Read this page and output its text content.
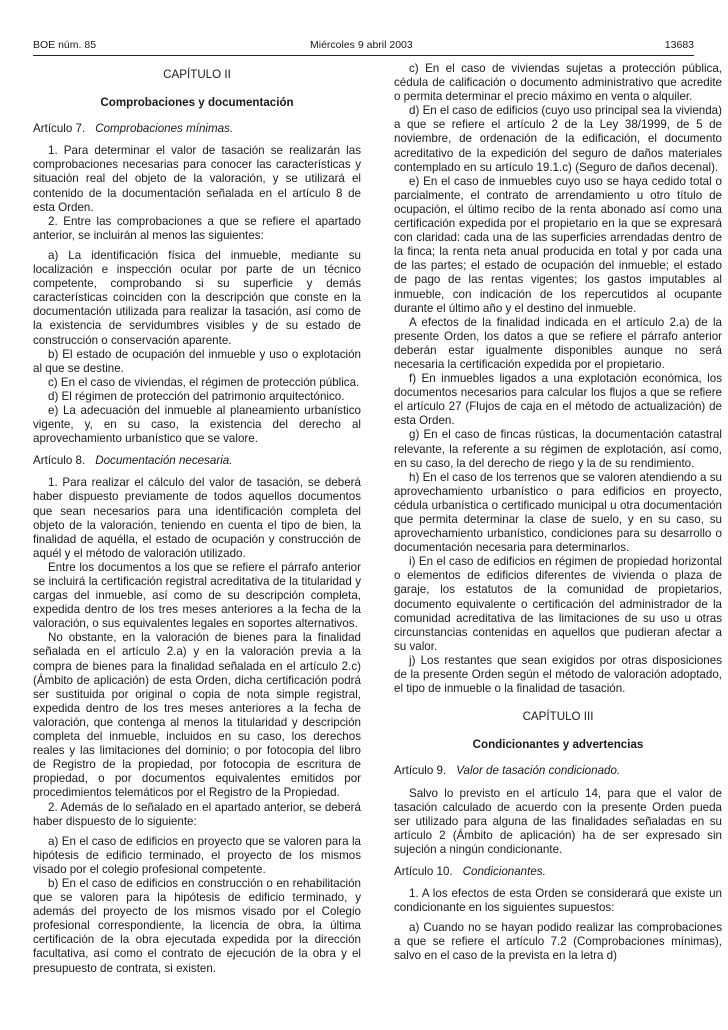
BOE núm. 85	Miércoles 9 abril 2003	13683
CAPÍTULO II
Comprobaciones y documentación
Artículo 7. Comprobaciones mínimas.

1. Para determinar el valor de tasación se realizarán las comprobaciones necesarias para conocer las características y situación real del objeto de la valoración, y se utilizará el contenido de la documentación señalada en el artículo 8 de esta Orden.

2. Entre las comprobaciones a que se refiere el apartado anterior, se incluirán al menos las siguientes:

a) La identificación física del inmueble, mediante su localización e inspección ocular por parte de un técnico competente, comprobando si su superficie y demás características coinciden con la descripción que conste en la documentación utilizada para realizar la tasación, así como de la existencia de servidumbres visibles y de su estado de construcción o conservación aparente.

b) El estado de ocupación del inmueble y uso o explotación al que se destine.

c) En el caso de viviendas, el régimen de protección pública.

d) El régimen de protección del patrimonio arquitectónico.

e) La adecuación del inmueble al planeamiento urbanístico vigente, y, en su caso, la existencia del derecho al aprovechamiento urbanístico que se valore.

Artículo 8. Documentación necesaria.

1. Para realizar el cálculo del valor de tasación, se deberá haber dispuesto previamente de todos aquellos documentos que sean necesarios para una identificación completa del objeto de la valoración, teniendo en cuenta el tipo de bien, la finalidad de aquélla, el estado de ocupación y construcción de aquél y el método de valoración utilizado.

Entre los documentos a los que se refiere el párrafo anterior se incluirá la certificación registral acreditativa de la titularidad y cargas del inmueble, así como de su descripción completa, expedida dentro de los tres meses anteriores a la fecha de la valoración, o sus equivalentes legales en soportes alternativos.

No obstante, en la valoración de bienes para la finalidad señalada en el artículo 2.a) y en la valoración previa a la compra de bienes para la finalidad señalada en el artículo 2.c) (Ámbito de aplicación) de esta Orden, dicha certificación podrá ser sustituida por original o copia de nota simple registral, expedida dentro de los tres meses anteriores a la fecha de valoración, que contenga al menos la titularidad y descripción completa del inmueble, incluidos en su caso, los derechos reales y las limitaciones del dominio; o por fotocopia del libro de Registro de la propiedad, por fotocopia de escritura de propiedad, o por documentos equivalentes emitidos por procedimientos telemáticos por el Registro de la Propiedad.

2. Además de lo señalado en el apartado anterior, se deberá haber dispuesto de lo siguiente:

a) En el caso de edificios en proyecto que se valoren para la hipótesis de edificio terminado, el proyecto de los mismos visado por el colegio profesional competente.

b) En el caso de edificios en construcción o en rehabilitación que se valoren para la hipótesis de edificio terminado, y además del proyecto de los mismos visado por el Colegio profesional correspondiente, la licencia de obra, la última certificación de la obra ejecutada expedida por la dirección facultativa, así como el contrato de ejecución de la obra y el presupuesto de contrata, si existen.

c) En el caso de viviendas sujetas a protección pública, cédula de calificación o documento administrativo que acredite o permita determinar el precio máximo en venta o alquiler.

d) En el caso de edificios (cuyo uso principal sea la vivienda) a que se refiere el artículo 2 de la Ley 38/1999, de 5 de noviembre, de ordenación de la edificación, el documento acreditativo de la expedición del seguro de daños materiales contemplado en su artículo 19.1.c) (Seguro de daños decenal).

e) En el caso de inmuebles cuyo uso se haya cedido total o parcialmente, el contrato de arrendamiento u otro título de ocupación, el último recibo de la renta abonado así como una certificación expedida por el propietario en la que se expresará con claridad: cada una de las superficies arrendadas dentro de la finca; la renta neta anual producida en total y por cada una de las partes; el estado de ocupación del inmueble; el estado de pago de las rentas vigentes; los gastos imputables al inmueble, con indicación de los repercutidos al ocupante durante el último año y el destino del inmueble.

A efectos de la finalidad indicada en el artículo 2.a) de la presente Orden, los datos a que se refiere el párrafo anterior deberán estar igualmente disponibles aunque no será necesaria la certificación expedida por el propietario.

f) En inmuebles ligados a una explotación económica, los documentos necesarios para calcular los flujos a que se refiere el artículo 27 (Flujos de caja en el método de actualización) de esta Orden.

g) En el caso de fincas rústicas, la documentación catastral relevante, la referente a su régimen de explotación, así como, en su caso, la del derecho de riego y la de su rendimiento.

h) En el caso de los terrenos que se valoren atendiendo a su aprovechamiento urbanístico o para edificios en proyecto, cédula urbanística o certificado municipal u otra documentación que permita determinar la clase de suelo, y en su caso, su aprovechamiento urbanístico, condiciones para su desarrollo o documentación necesaria para determinarlos.

i) En el caso de edificios en régimen de propiedad horizontal o elementos de edificios diferentes de vivienda o plaza de garaje, los estatutos de la comunidad de propietarios, documento equivalente o certificación del administrador de la comunidad acreditativa de las limitaciones de su uso u otras circunstancias contenidas en aquellos que pudieran afectar a su valor.

j) Los restantes que sean exigidos por otras disposiciones de la presente Orden según el método de valoración adoptado, el tipo de inmueble o la finalidad de tasación.

CAPÍTULO III
Condicionantes y advertencias
Artículo 9. Valor de tasación condicionado.

Salvo lo previsto en el artículo 14, para que el valor de tasación calculado de acuerdo con la presente Orden pueda ser utilizado para alguna de las finalidades señaladas en su artículo 2 (Ámbito de aplicación) ha de ser expresado sin sujeción a ningún condicionante.

Artículo 10. Condicionantes.

1. A los efectos de esta Orden se considerará que existe un condicionante en los siguientes supuestos:

a) Cuando no se hayan podido realizar las comprobaciones a que se refiere el artículo 7.2 (Comprobaciones mínimas), salvo en el caso de la prevista en la letra d)
